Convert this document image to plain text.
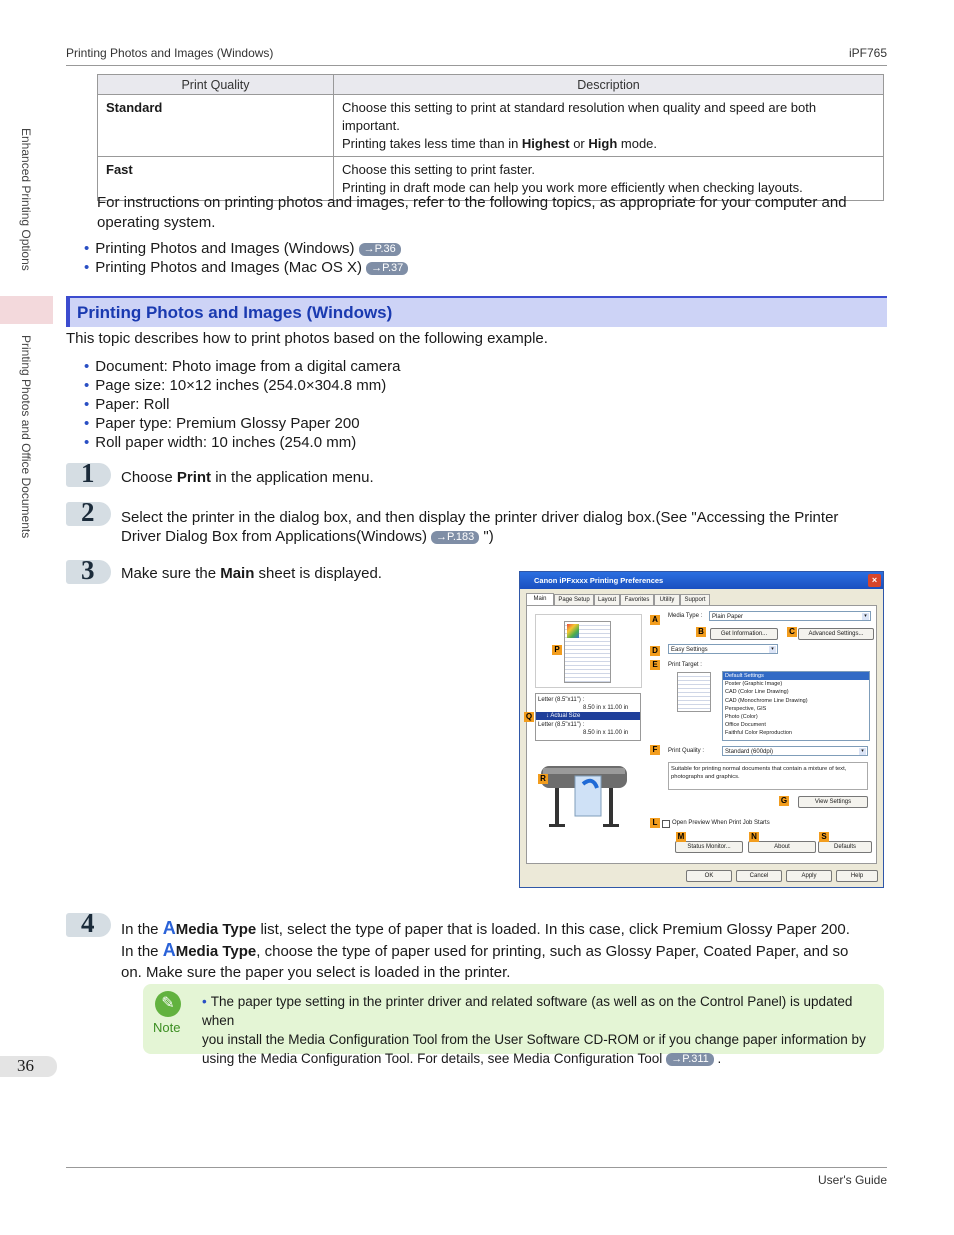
Printing Photos and Images (Windows)	iPF765
Enhanced Printing Options
Printing Photos and Office Documents
Print Quality	Description
Standard	Choose this setting to print at standard resolution when quality and speed are both important.
Printing takes less time than in Highest or High mode.
Fast	Choose this setting to print faster.
Printing in draft mode can help you work more efficiently when checking layouts.
For instructions on printing photos and images, refer to the following topics, as appropriate for your computer and operating system.
• Printing Photos and Images (Windows) →P.36
• Printing Photos and Images (Mac OS X) →P.37
Printing Photos and Images (Windows)
This topic describes how to print photos based on the following example.
• Document: Photo image from a digital camera
• Page size: 10×12 inches (254.0×304.8 mm)
• Paper: Roll
• Paper type: Premium Glossy Paper 200
• Roll paper width: 10 inches (254.0 mm)
1 Choose Print in the application menu.
2 Select the printer in the dialog box, and then display the printer driver dialog box.(See "Accessing the Printer
Driver Dialog Box from Applications(Windows) →P.183 ")
3 Make sure the Main sheet is displayed.	Canon iPFxxxx Printing Preferences	×
Main	Page Setup	Layout	Favorites	Utility	Support
Letter (8.5"x11") :
8.50 in x 11.00 in
↓ Actual Size
Letter (8.5"x11") :
8.50 in x 11.00 in
Media Type :	Plain Paper	▾
Get Information...	Advanced Settings...
Easy Settings	▾
Print Target :
Default Settings
Poster (Graphic Image)
CAD (Color Line Drawing)
CAD (Monochrome Line Drawing)
Perspective, GIS
Photo (Color)
Office Document
Faithful Color Reproduction
Print Quality :	Standard (600dpi)	▾
Suitable for printing normal documents that contain a mixture of text, photographs and graphics.
View Settings
Open Preview When Print Job Starts
Status Monitor...	About	Defaults
OK	Cancel	Apply	Help
A
B	C
D
E
F
G
L
M	N	S
P
Q
R
4 In the AMedia Type list, select the type of paper that is loaded. In this case, click Premium Glossy Paper 200.
In the AMedia Type, choose the type of paper used for printing, such as Glossy Paper, Coated Paper, and so
on. Make sure the paper you select is loaded in the printer.
✎
Note
• The paper type setting in the printer driver and related software (as well as on the Control Panel) is updated when
you install the Media Configuration Tool from the User Software CD-ROM or if you change paper information by
using the Media Configuration Tool. For details, see Media Configuration Tool →P.311 .
36
User's Guide
